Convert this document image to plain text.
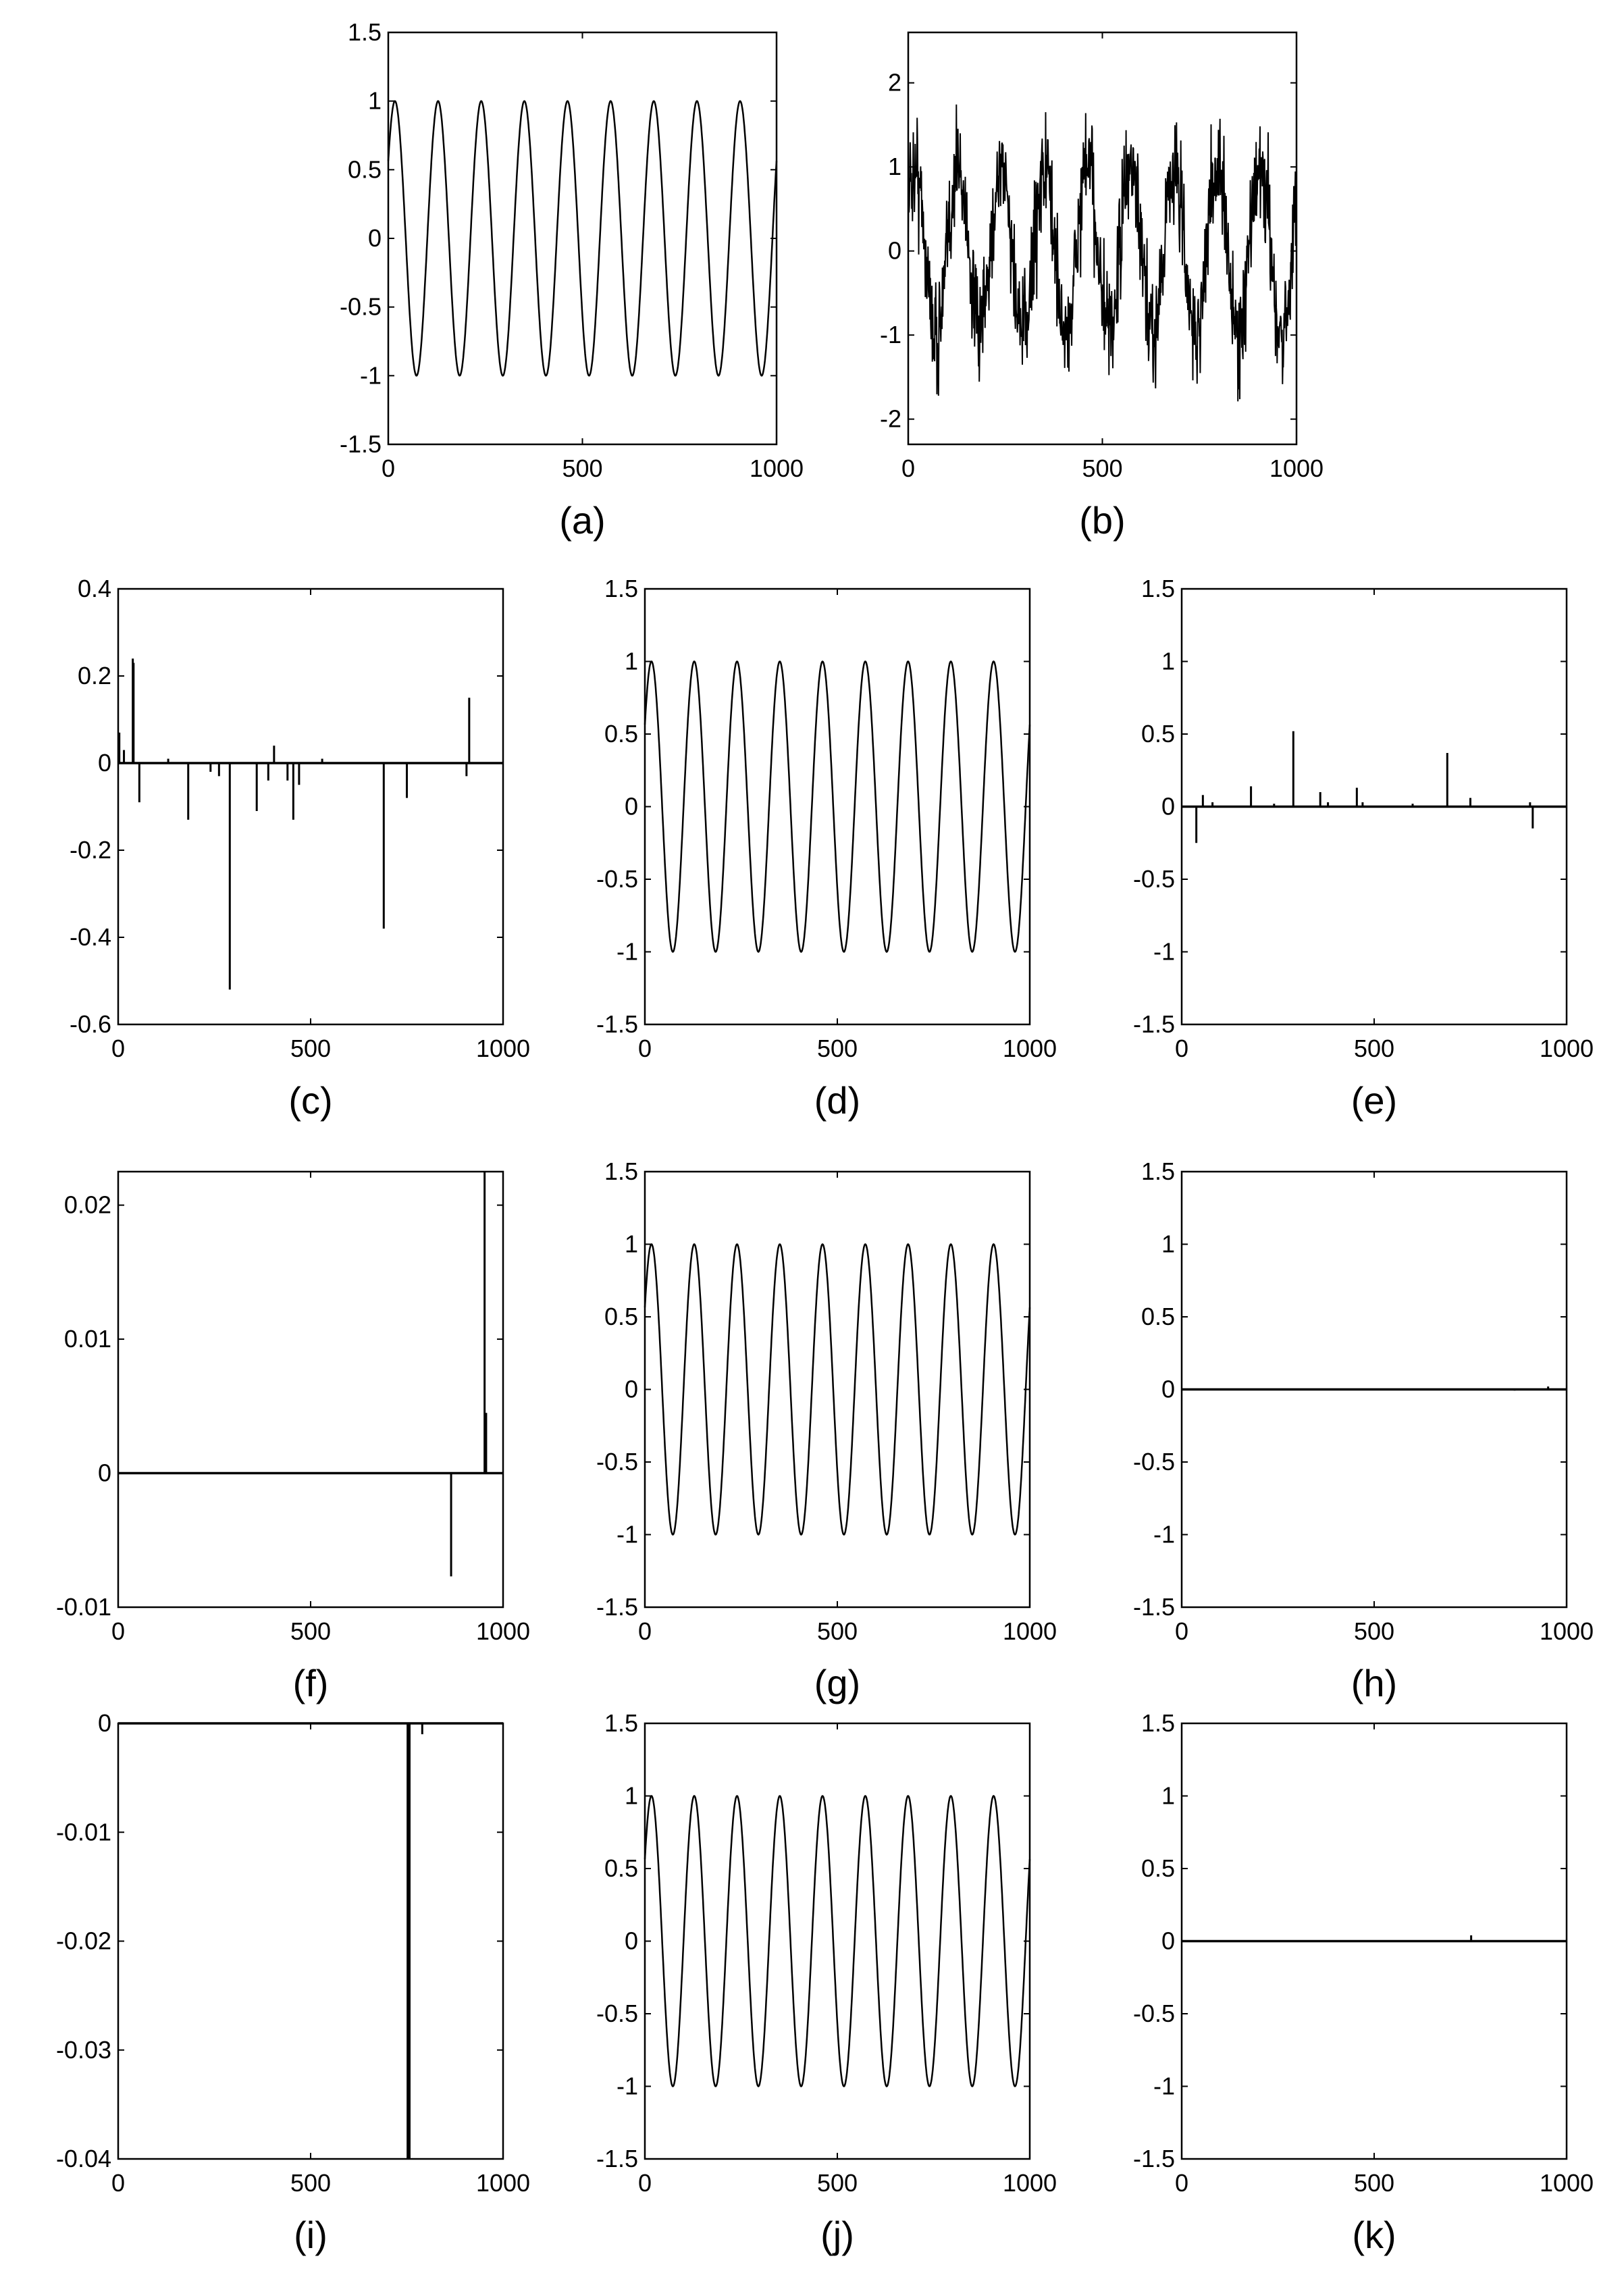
-1.5
-1
-0.5
0
0.5
1
1.5
0	500	1000
(a)
-2
-1
0
1
2
0	500	1000
(b)
-0.6
-0.4
-0.2
0
0.2
0.4
0	500	1000
(c)
-1.5
-1
-0.5
0
0.5
1
1.5
0	500	1000
(d)
-1.5
-1
-0.5
0
0.5
1
1.5
0	500	1000
(e)
-0.01
0
0.01
0.02
0	500	1000
(f)
-1.5
-1
-0.5
0
0.5
1
1.5
0	500	1000
(g)
-1.5
-1
-0.5
0
0.5
1
1.5
0	500	1000
(h)
-0.04
-0.03
-0.02
-0.01
0
0	500	1000
(i)
-1.5
-1
-0.5
0
0.5
1
1.5
0	500	1000
(j)
-1.5
-1
-0.5
0
0.5
1
1.5
0	500	1000
(k)
